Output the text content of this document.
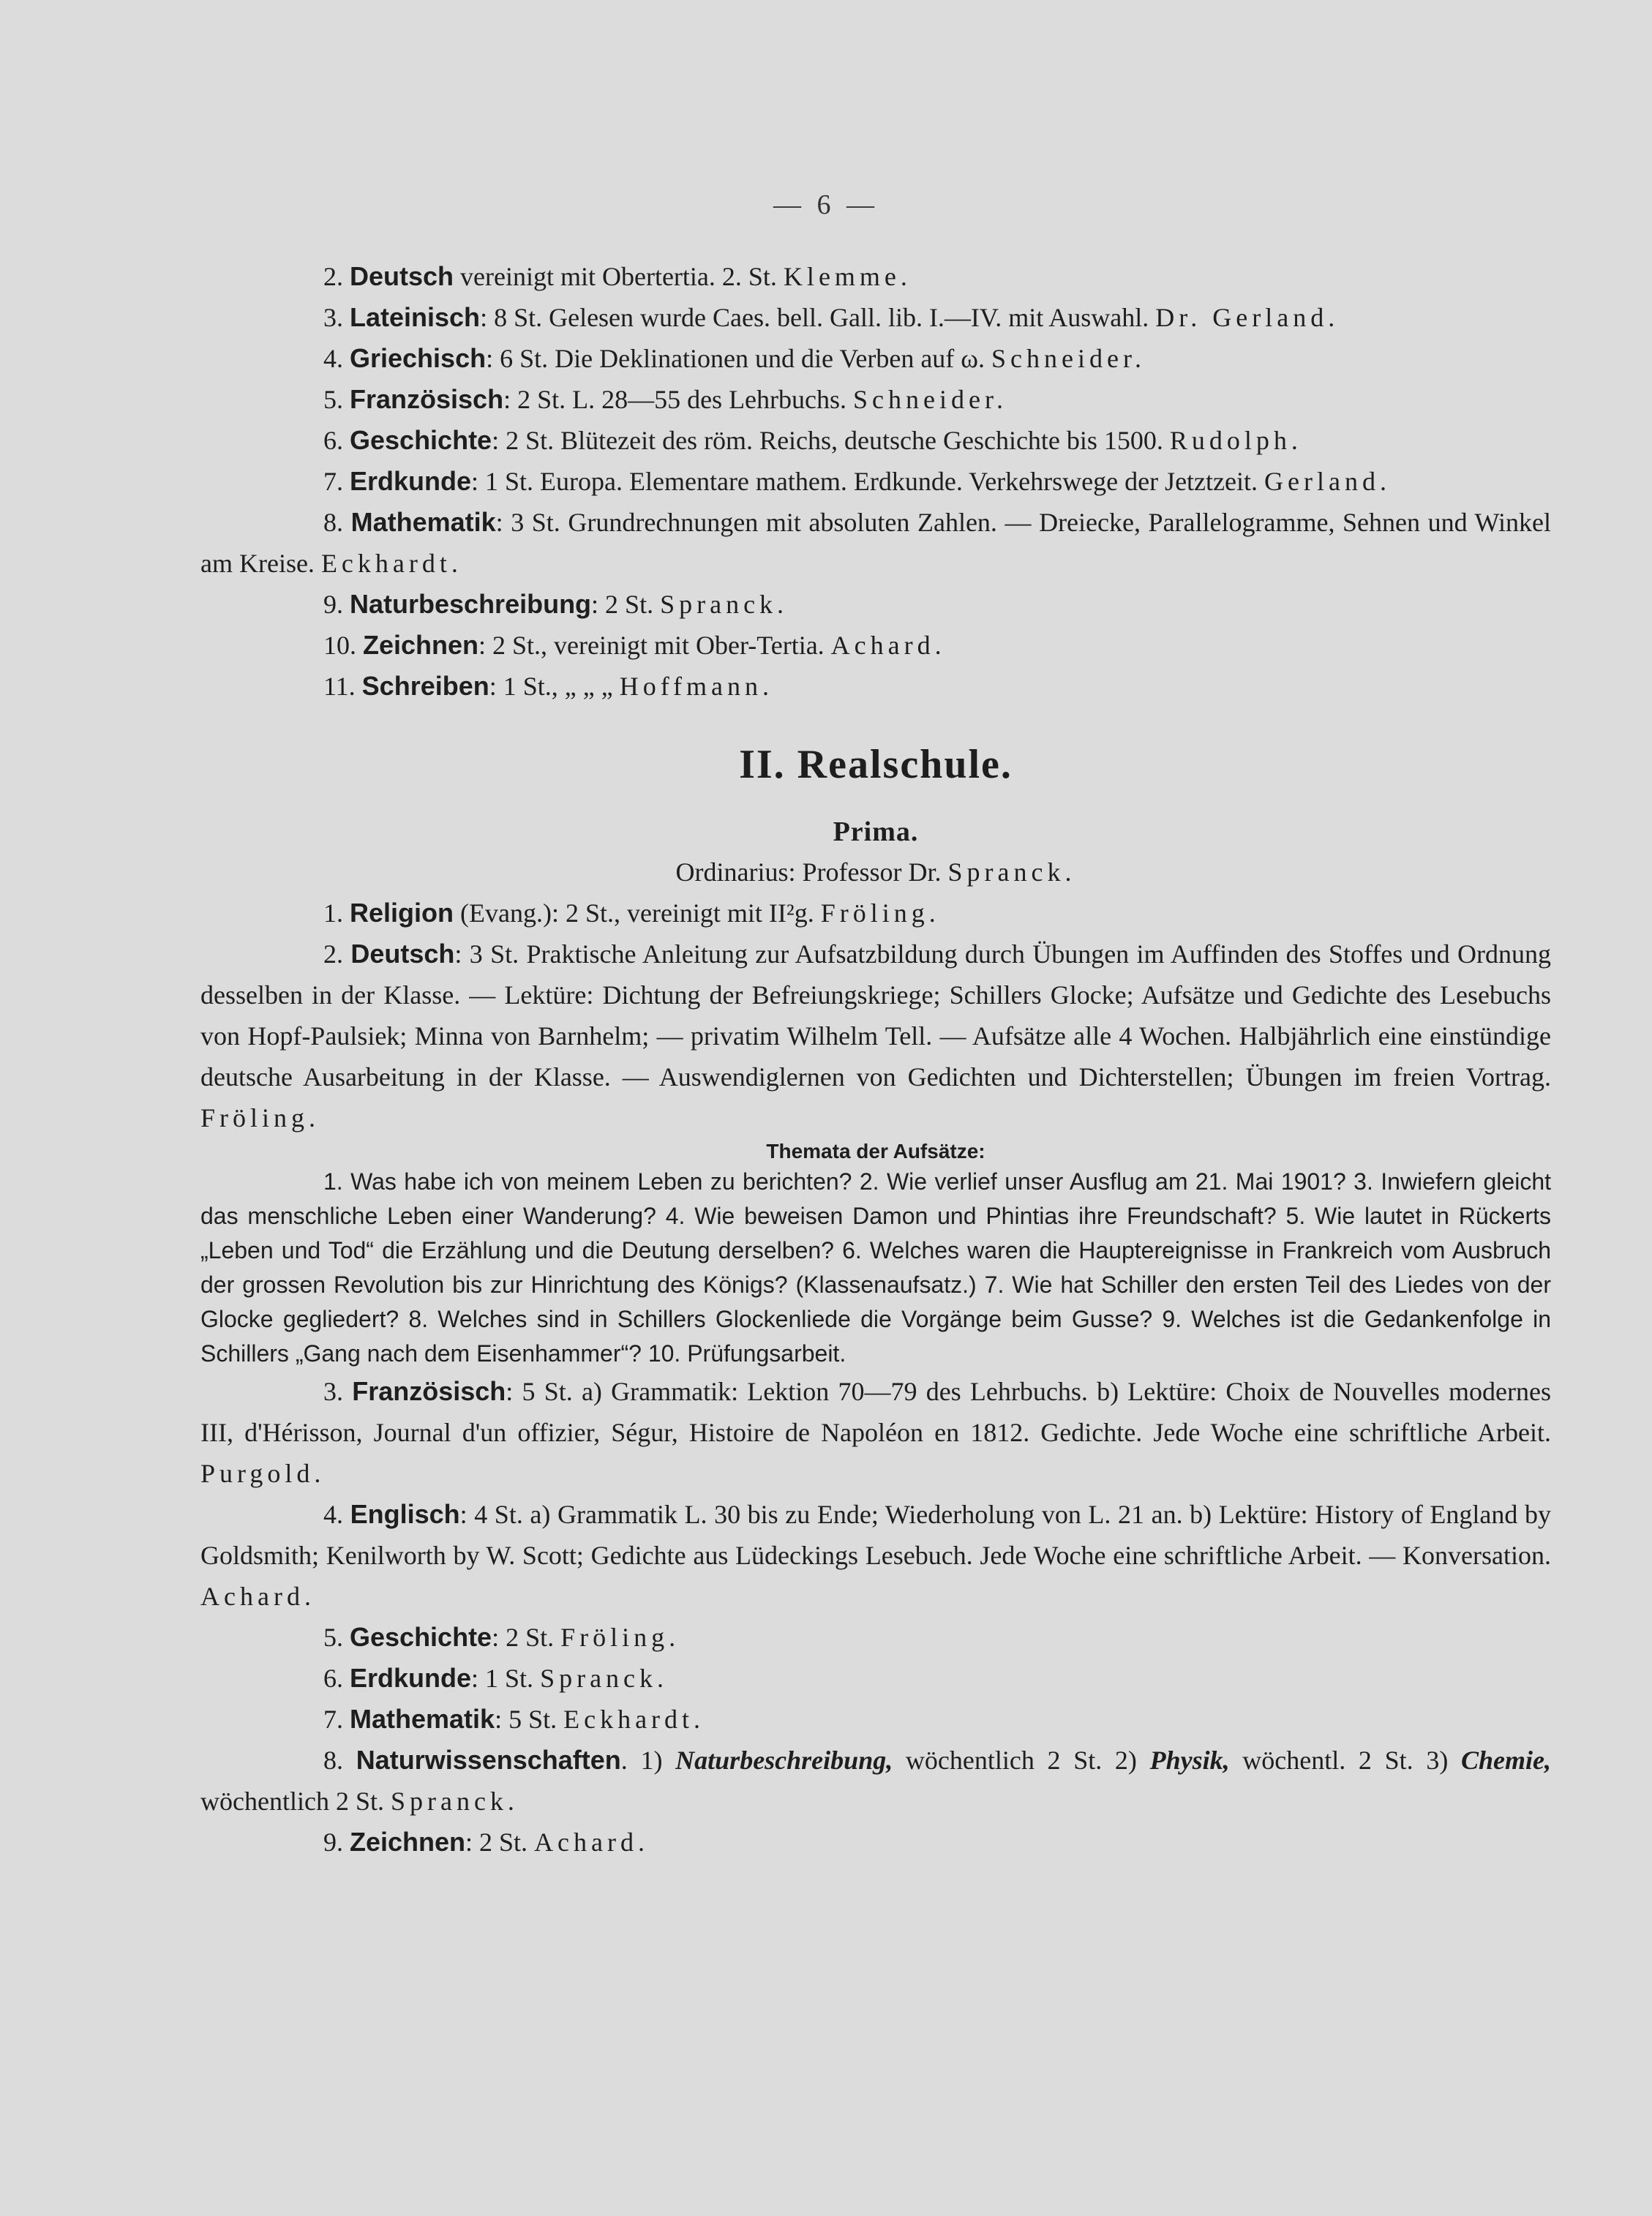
— 6 —

2. Deutsch vereinigt mit Obertertia. 2. St. Klemme.

3. Lateinisch: 8 St. Gelesen wurde Caes. bell. Gall. lib. I.—IV. mit Auswahl. Dr. Gerland.

4. Griechisch: 6 St. Die Deklinationen und die Verben auf ω. Schneider.

5. Französisch: 2 St. L. 28—55 des Lehrbuchs. Schneider.

6. Geschichte: 2 St. Blütezeit des röm. Reichs, deutsche Geschichte bis 1500. Rudolph.

7. Erdkunde: 1 St. Europa. Elementare mathem. Erdkunde. Verkehrswege der Jetztzeit. Gerland.

8. Mathematik: 3 St. Grundrechnungen mit absoluten Zahlen. — Dreiecke, Parallelogramme, Sehnen und Winkel am Kreise. Eckhardt.

9. Naturbeschreibung: 2 St. Spranck.

10. Zeichnen: 2 St., vereinigt mit Ober-Tertia. Achard.

11. Schreiben: 1 St., „ „ „ Hoffmann.

II. Realschule.

Prima.

Ordinarius: Professor Dr. Spranck.

1. Religion (Evang.): 2 St., vereinigt mit II²g. Fröling.

2. Deutsch: 3 St. Praktische Anleitung zur Aufsatzbildung durch Übungen im Auffinden des Stoffes und Ordnung desselben in der Klasse. — Lektüre: Dichtung der Befreiungskriege; Schillers Glocke; Aufsätze und Gedichte des Lesebuchs von Hopf-Paulsiek; Minna von Barnhelm; — privatim Wilhelm Tell. — Aufsätze alle 4 Wochen. Halbjährlich eine einstündige deutsche Ausarbeitung in der Klasse. — Auswendiglernen von Gedichten und Dichterstellen; Übungen im freien Vortrag. Fröling.

Themata der Aufsätze:

1. Was habe ich von meinem Leben zu berichten? 2. Wie verlief unser Ausflug am 21. Mai 1901? 3. Inwiefern gleicht das menschliche Leben einer Wanderung? 4. Wie beweisen Damon und Phintias ihre Freundschaft? 5. Wie lautet in Rückerts „Leben und Tod“ die Erzählung und die Deutung derselben? 6. Welches waren die Hauptereignisse in Frankreich vom Ausbruch der grossen Revolution bis zur Hinrichtung des Königs? (Klassenaufsatz.) 7. Wie hat Schiller den ersten Teil des Liedes von der Glocke gegliedert? 8. Welches sind in Schillers Glockenliede die Vorgänge beim Gusse? 9. Welches ist die Gedankenfolge in Schillers „Gang nach dem Eisenhammer“? 10. Prüfungsarbeit.

3. Französisch: 5 St. a) Grammatik: Lektion 70—79 des Lehrbuchs. b) Lektüre: Choix de Nouvelles modernes III, d'Hérisson, Journal d'un offizier, Ségur, Histoire de Napoléon en 1812. Gedichte. Jede Woche eine schriftliche Arbeit. Purgold.

4. Englisch: 4 St. a) Grammatik L. 30 bis zu Ende; Wiederholung von L. 21 an. b) Lektüre: History of England by Goldsmith; Kenilworth by W. Scott; Gedichte aus Lüdeckings Lesebuch. Jede Woche eine schriftliche Arbeit. — Konversation. Achard.

5. Geschichte: 2 St. Fröling.

6. Erdkunde: 1 St. Spranck.

7. Mathematik: 5 St. Eckhardt.

8. Naturwissenschaften. 1) Naturbeschreibung, wöchentlich 2 St. 2) Physik, wöchentl. 2 St. 3) Chemie, wöchentlich 2 St. Spranck.

9. Zeichnen: 2 St. Achard.
